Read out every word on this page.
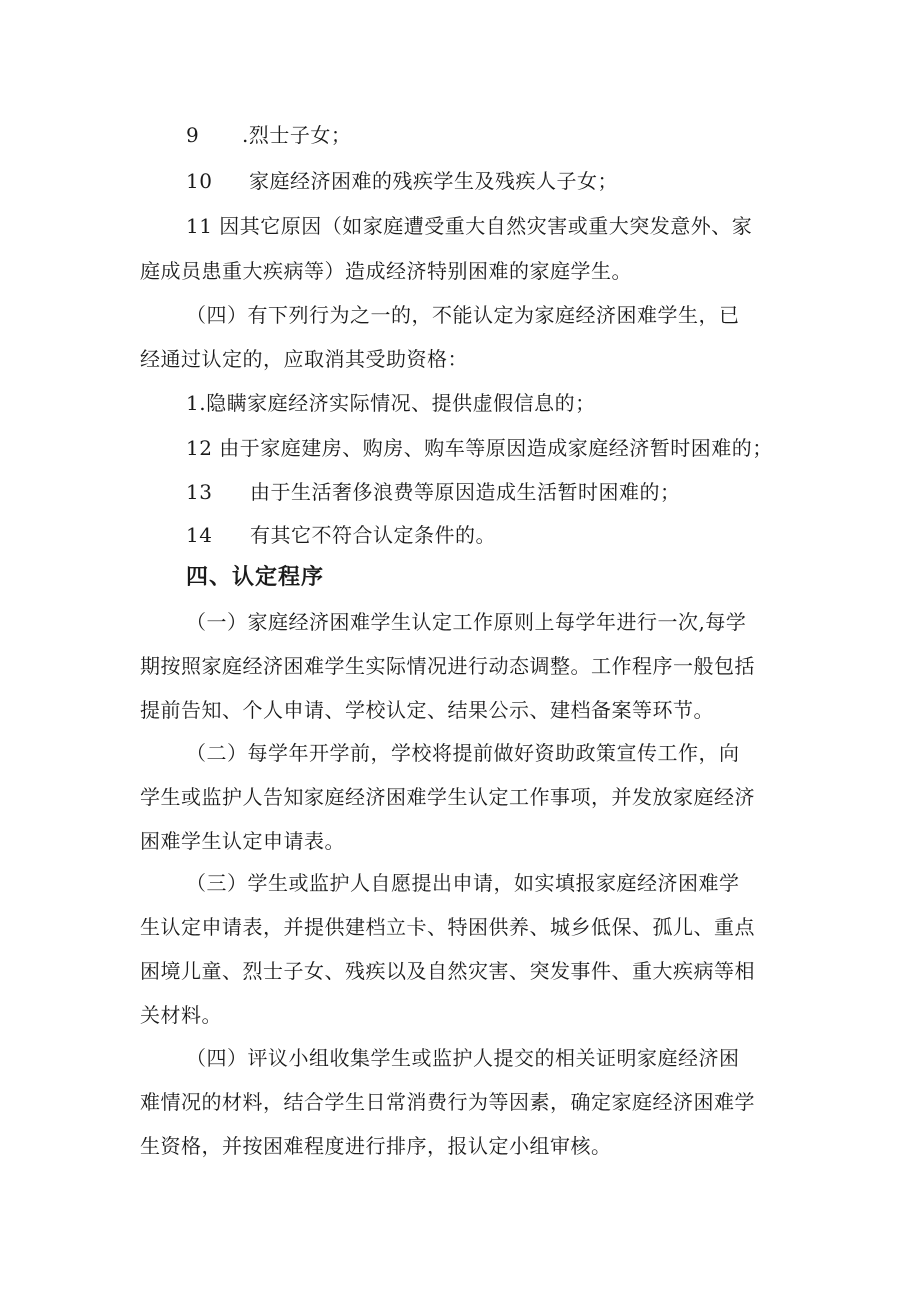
9 .烈士子女；
10 家庭经济困难的残疾学生及残疾人子女；
11 因其它原因（如家庭遭受重大自然灾害或重大突发意外、家
庭成员患重大疾病等）造成经济特别困难的家庭学生。
（四）有下列行为之一的，不能认定为家庭经济困难学生，已
经通过认定的，应取消其受助资格：
1.隐瞒家庭经济实际情况、提供虚假信息的；
12 由于家庭建房、购房、购车等原因造成家庭经济暂时困难的；
13 由于生活奢侈浪费等原因造成生活暂时困难的；
14 有其它不符合认定条件的。
四、认定程序
（一）家庭经济困难学生认定工作原则上每学年进行一次,每学
期按照家庭经济困难学生实际情况进行动态调整。工作程序一般包括
提前告知、个人申请、学校认定、结果公示、建档备案等环节。
（二）每学年开学前，学校将提前做好资助政策宣传工作，向
学生或监护人告知家庭经济困难学生认定工作事项，并发放家庭经济
困难学生认定申请表。
（三）学生或监护人自愿提出申请，如实填报家庭经济困难学
生认定申请表，并提供建档立卡、特困供养、城乡低保、孤儿、重点
困境儿童、烈士子女、残疾以及自然灾害、突发事件、重大疾病等相
关材料。
（四）评议小组收集学生或监护人提交的相关证明家庭经济困
难情况的材料，结合学生日常消费行为等因素，确定家庭经济困难学
生资格，并按困难程度进行排序，报认定小组审核。
